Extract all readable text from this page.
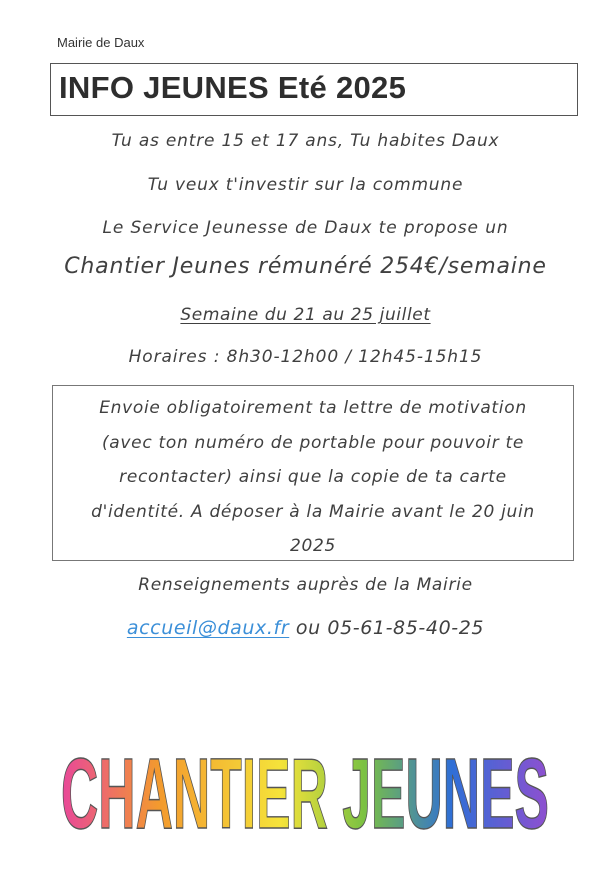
Mairie de Daux
INFO JEUNES Eté 2025
Tu as entre 15 et 17 ans, Tu habites Daux
Tu veux t'investir sur la commune
Le Service Jeunesse de Daux te propose un
Chantier Jeunes rémunéré 254€/semaine
Semaine du 21 au 25 juillet
Horaires : 8h30-12h00 / 12h45-15h15
Envoie obligatoirement ta lettre de motivation
(avec ton numéro de portable pour pouvoir te
recontacter) ainsi que la copie de ta carte
d'identité. A déposer à la Mairie avant le 20 juin
2025
Renseignements auprès de la Mairie
accueil@daux.fr ou 05-61-85-40-25
CHANTIER JEUNES
